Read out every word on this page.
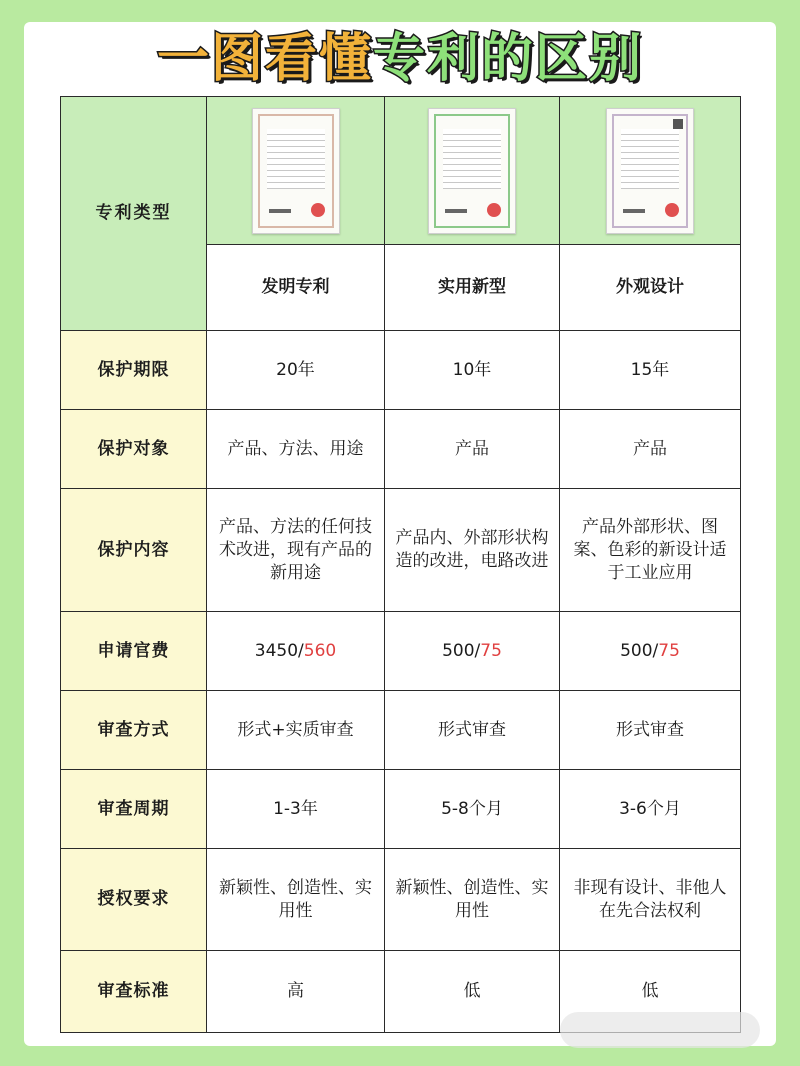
一图看懂专利的区别
专利类型	

	发明专利	实用新型	外观设计
保护期限	20年	10年	15年
保护对象	产品、方法、用途	产品	产品
保护内容	产品、方法的任何技术改进，现有产品的新用途	产品内、外部形状构造的改进，电路改进	产品外部形状、图案、色彩的新设计适于工业应用
申请官费	3450/560	500/75	500/75
审查方式	形式+实质审查	形式审查	形式审查
审查周期	1-3年	5-8个月	3-6个月
授权要求	新颖性、创造性、实用性	新颖性、创造性、实用性	非现有设计、非他人在先合法权利
审查标准	高	低	低
